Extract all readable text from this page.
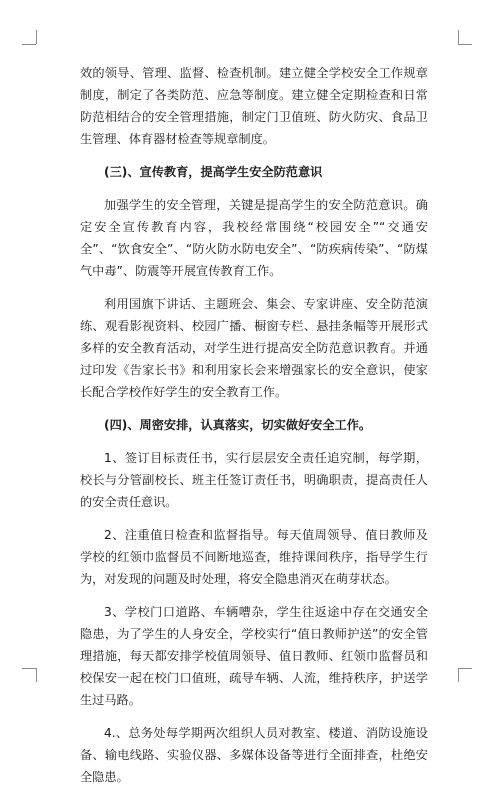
效的领导、管理、监督、检查机制。建立健全学校安全工作规章制度，制定了各类防范、应急等制度。建立健全定期检查和日常防范相结合的安全管理措施，制定门卫值班、防火防灾、食品卫生管理、体育器材检查等规章制度。

(三)、宣传教育，提高学生安全防范意识

加强学生的安全管理，关键是提高学生的安全防范意识。确定安全宣传教育内容，我校经常围绕“校园安全”“交通安全”、“饮食安全”、“防火防水防电安全”、“防疾病传染”、“防煤气中毒”、防震等开展宣传教育工作。

利用国旗下讲话、主题班会、集会、专家讲座、安全防范演练、观看影视资料、校园广播、橱窗专栏、悬挂条幅等开展形式多样的安全教育活动，对学生进行提高安全防范意识教育。并通过印发《告家长书》和利用家长会来增强家长的安全意识，使家长配合学校作好学生的安全教育工作。

(四)、周密安排，认真落实，切实做好安全工作。

1、签订目标责任书，实行层层安全责任追究制，每学期，校长与分管副校长、班主任签订责任书，明确职责，提高责任人的安全责任意识。

2、注重值日检查和监督指导。每天值周领导、值日教师及学校的红领巾监督员不间断地巡查，维持课间秩序，指导学生行为，对发现的问题及时处理，将安全隐患消灭在萌芽状态。

3、学校门口道路、车辆嘈杂，学生往返途中存在交通安全隐患，为了学生的人身安全，学校实行“值日教师护送”的安全管理措施，每天都安排学校值周领导、值日教师、红领巾监督员和校保安一起在校门口值班，疏导车辆、人流，维持秩序，护送学生过马路。

4.、总务处每学期两次组织人员对教室、楼道、消防设施设备、输电线路、实验仪器、多媒体设备等进行全面排查，杜绝安全隐患。
